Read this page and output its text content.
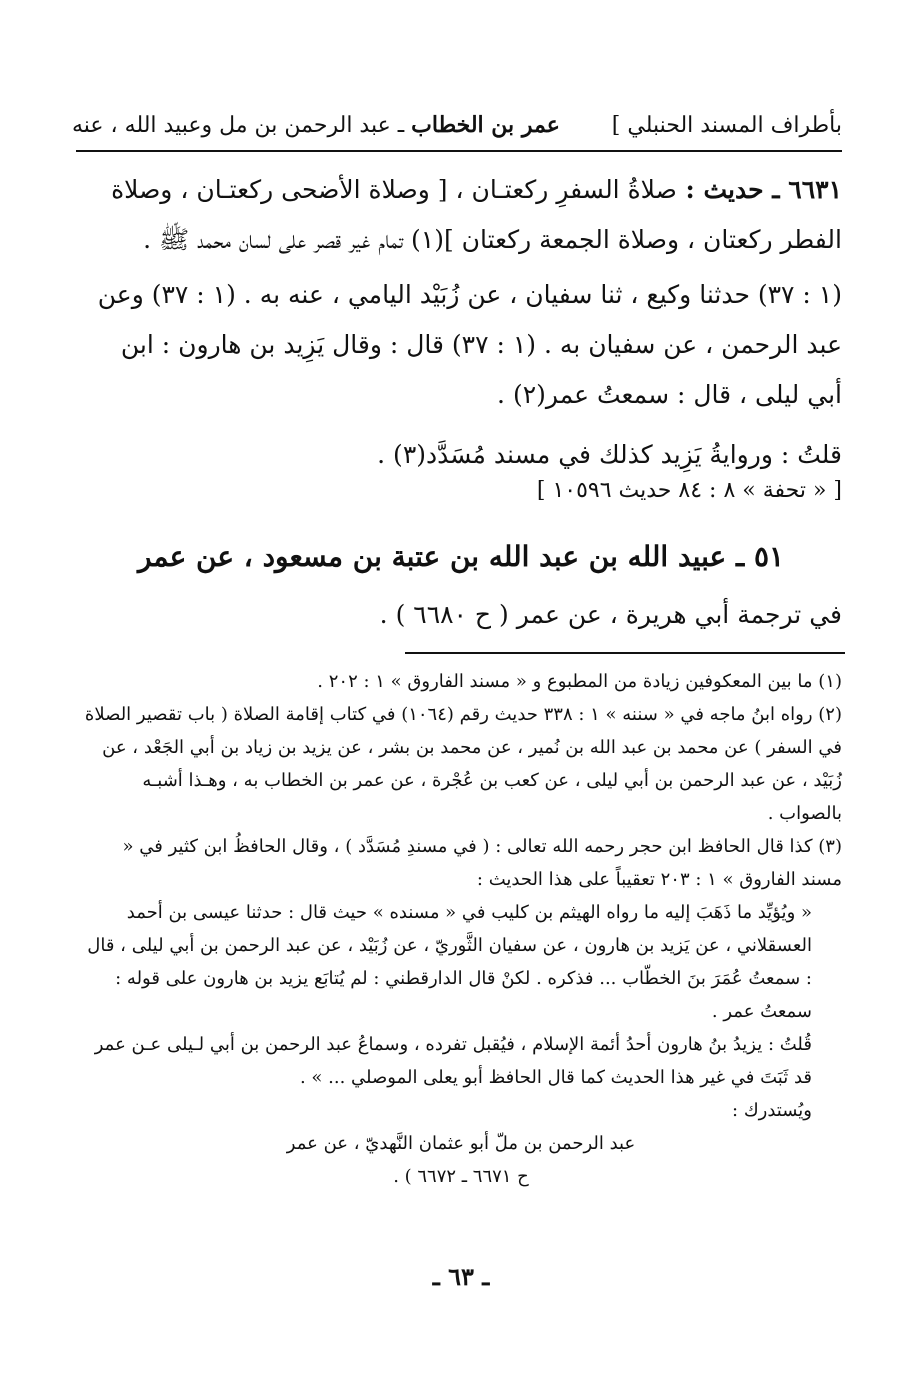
بأطراف المسند الحنبلي ]
عمر بن الخطاب ـ عبد الرحمن بن مل وعبيد الله ، عنه

٦٦٣١ ـ حديث : صلاةُ السفرِ ركعتـان ، [ وصلاة الأضحى ركعتـان ، وصلاة الفطر ركعتان ، وصلاة الجمعة ركعتان ](١) تمام غير قصر على لسان محمد ﷺ .

(١ : ٣٧) حدثنا وكيع ، ثنا سفيان ، عن زُبَيْد اليامي ، عنه به . (١ : ٣٧) وعن عبد الرحمن ، عن سفيان به . (١ : ٣٧) قال : وقال يَزِيد بن هارون : ابن أبي ليلى ، قال : سمعتُ عمر(٢) .

قلتُ : وروايةُ يَزِيد كذلك في مسند مُسَدَّد(٣) .

[ « تحفة » ٨ : ٨٤ حديث ١٠٥٩٦ ]
٥١ ـ عبيد الله بن عبد الله بن عتبة بن مسعود ، عن عمر
في ترجمة أبي هريرة ، عن عمر ( ح ٦٦٨٠ ) .

(١) ما بين المعكوفين زيادة من المطبوع و « مسند الفاروق » ١ : ٢٠٢ .

(٢) رواه ابنُ ماجه في « سننه » ١ : ٣٣٨ حديث رقم (١٠٦٤) في كتاب إقامة الصلاة ( باب تقصير الصلاة في السفر ) عن محمد بن عبد الله بن نُمير ، عن محمد بن بشر ، عن يزيد بن زياد بن أبي الجَعْد ، عن زُبَيْد ، عن عبد الرحمن بن أبي ليلى ، عن كعب بن عُجْرة ، عن عمر بن الخطاب به ، وهـذا أشبـه بالصواب .

(٣) كذا قال الحافظ ابن حجر رحمه الله تعالى : ( في مسندِ مُسَدَّد ) ، وقال الحافظُ ابن كثير في « مسند الفاروق » ١ : ٢٠٣ تعقيباً على هذا الحديث :

« ويُؤيِّد ما ذَهَبَ إليه ما رواه الهيثم بن كليب في « مسنده » حيث قال : حدثنا عيسى بن أحمد العسقلاني ، عن يَزيد بن هارون ، عن سفيان الثَّوريّ ، عن زُبَيْد ، عن عبد الرحمن بن أبي ليلى ، قال : سمعتُ عُمَرَ بنَ الخطّاب ... فذكره . لكنْ قال الدارقطني : لم يُتابَع يزيد بن هارون على قوله : سمعتُ عمر .

قُلتُ : يزيدُ بنُ هارون أحدُ أئمة الإسلام ، فيُقبل تفرده ، وسماعُ عبد الرحمن بن أبي لـيلى عـن عمر قد ثَبَتَ في غير هذا الحديث كما قال الحافظ أبو يعلى الموصلي ... » .

ويُستدرك :

عبد الرحمن بن ملّ أبو عثمان النَّهديّ ، عن عمر

ح ٦٦٧١ ـ ٦٦٧٢ ) .

ـ ٦٣ ـ
